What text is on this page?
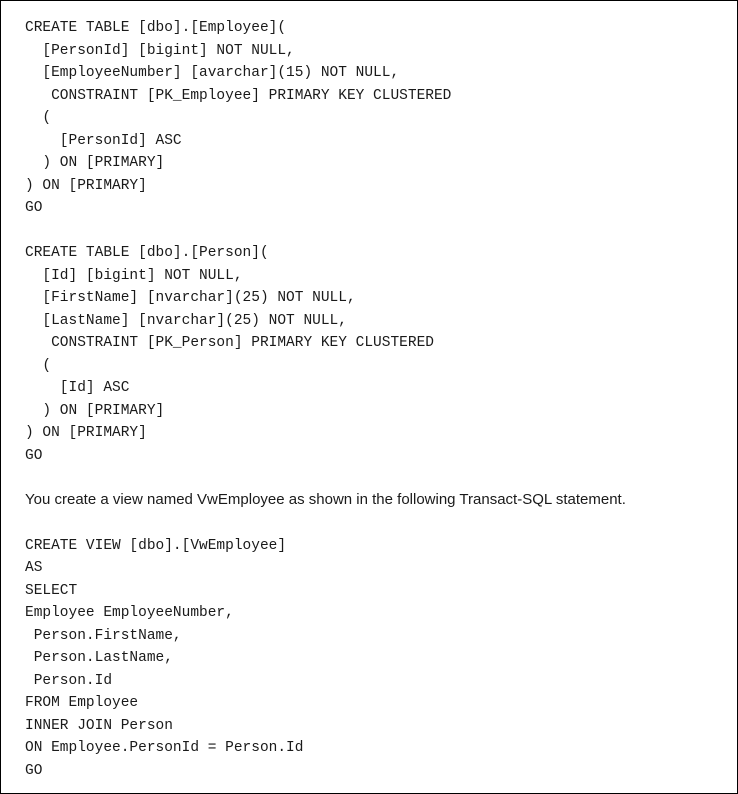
CREATE TABLE [dbo].[Employee](
[PersonId] [bigint] NOT NULL,
[EmployeeNumber] [avarchar](15) NOT NULL,
CONSTRAINT [PK_Employee] PRIMARY KEY CLUSTERED
(
[PersonId] ASC
) ON [PRIMARY]
) ON [PRIMARY]
GO
CREATE TABLE [dbo].[Person](
[Id] [bigint] NOT NULL,
[FirstName] [nvarchar](25) NOT NULL,
[LastName] [nvarchar](25) NOT NULL,
CONSTRAINT [PK_Person] PRIMARY KEY CLUSTERED
(
[Id] ASC
) ON [PRIMARY]
) ON [PRIMARY]
GO
You create a view named VwEmployee as shown in the following Transact-SQL statement.
CREATE VIEW [dbo].[VwEmployee]
AS
SELECT
Employee EmployeeNumber,
Person.FirstName,
Person.LastName,
Person.Id
FROM Employee
INNER JOIN Person
ON Employee.PersonId = Person.Id
GO
